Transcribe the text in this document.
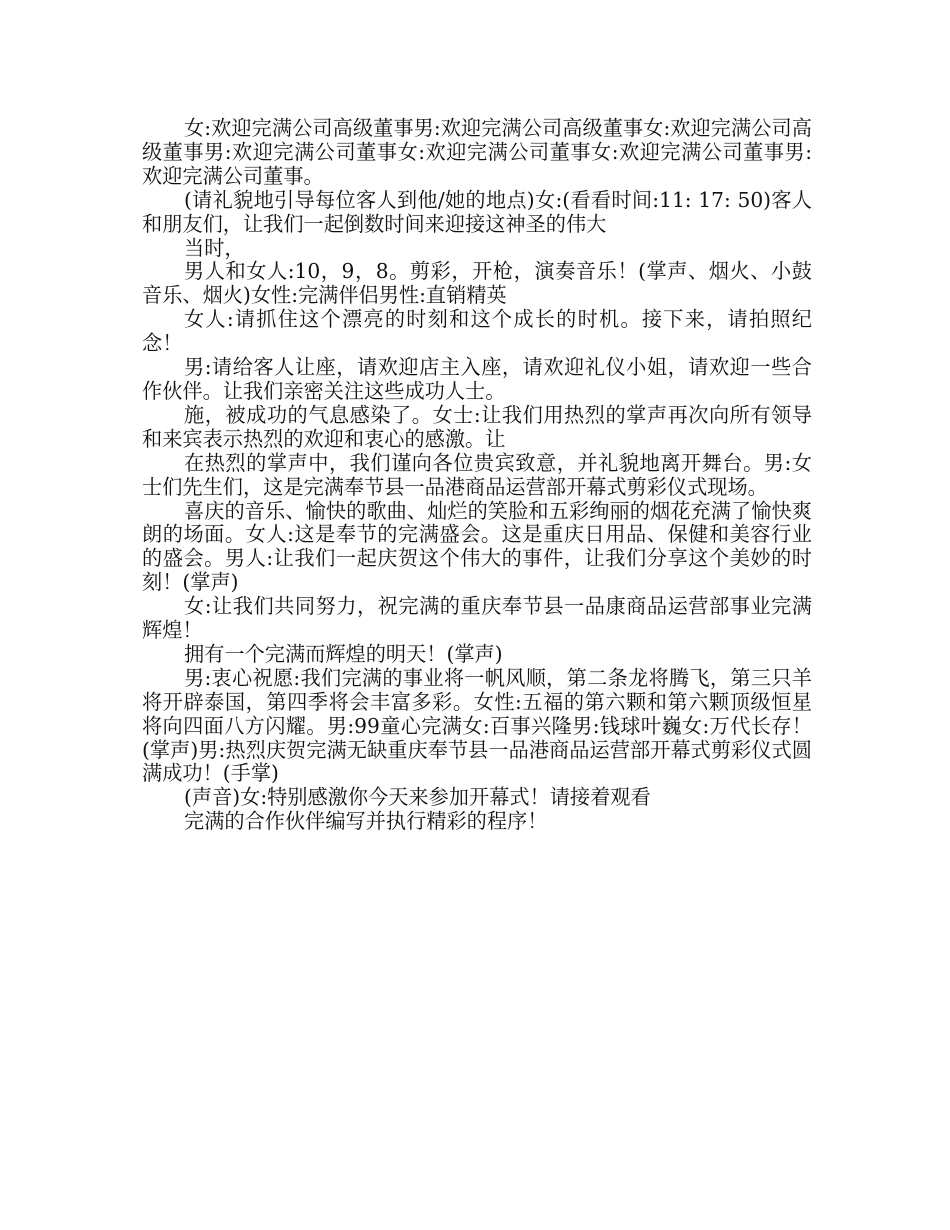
女:欢迎完满公司高级董事男:欢迎完满公司高级董事女:欢迎完满公司高级董事男:欢迎完满公司董事女:欢迎完满公司董事女:欢迎完满公司董事男:欢迎完满公司董事。

(请礼貌地引导每位客人到他/她的地点)女:(看看时间:11: 17: 50)客人和朋友们，让我们一起倒数时间来迎接这神圣的伟大

当时，

男人和女人:10，9，8。剪彩，开枪，演奏音乐！(掌声、烟火、小鼓音乐、烟火)女性:完满伴侣男性:直销精英

女人:请抓住这个漂亮的时刻和这个成长的时机。接下来，请拍照纪念！

男:请给客人让座，请欢迎店主入座，请欢迎礼仪小姐，请欢迎一些合作伙伴。让我们亲密关注这些成功人士。

施，被成功的气息感染了。女士:让我们用热烈的掌声再次向所有领导和来宾表示热烈的欢迎和衷心的感激。让

在热烈的掌声中，我们谨向各位贵宾致意，并礼貌地离开舞台。男:女士们先生们，这是完满奉节县一品港商品运营部开幕式剪彩仪式现场。

喜庆的音乐、愉快的歌曲、灿烂的笑脸和五彩绚丽的烟花充满了愉快爽朗的场面。女人:这是奉节的完满盛会。这是重庆日用品、保健和美容行业的盛会。男人:让我们一起庆贺这个伟大的事件，让我们分享这个美妙的时刻！(掌声)

女:让我们共同努力，祝完满的重庆奉节县一品康商品运营部事业完满辉煌！

拥有一个完满而辉煌的明天！(掌声)

男:衷心祝愿:我们完满的事业将一帆风顺，第二条龙将腾飞，第三只羊将开辟泰国，第四季将会丰富多彩。女性:五福的第六颗和第六颗顶级恒星将向四面八方闪耀。男:99童心完满女:百事兴隆男:钱球叶巍女:万代长存！(掌声)男:热烈庆贺完满无缺重庆奉节县一品港商品运营部开幕式剪彩仪式圆满成功！(手掌)

(声音)女:特别感激你今天来参加开幕式！请接着观看

完满的合作伙伴编写并执行精彩的程序！
